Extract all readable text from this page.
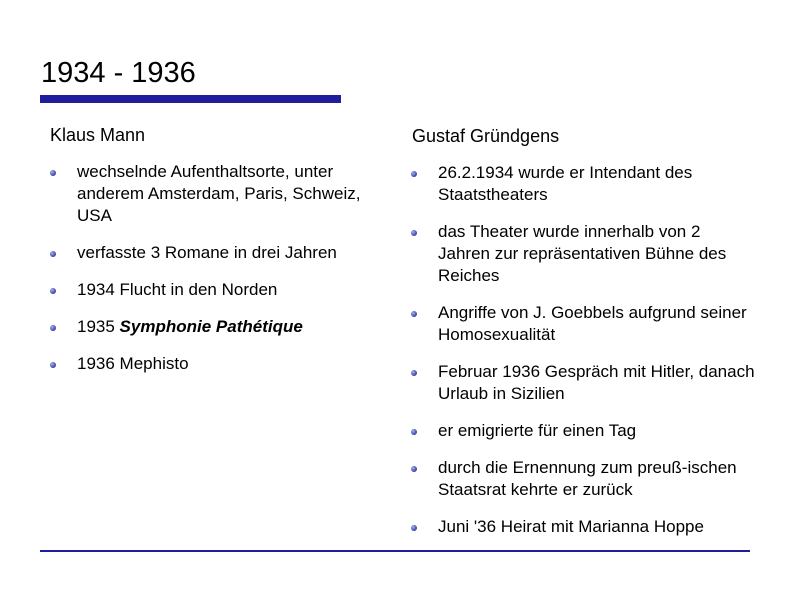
1934 - 1936
Klaus Mann
wechselnde Aufenthaltsorte, unter anderem Amsterdam, Paris, Schweiz, USA
verfasste 3 Romane in drei Jahren
1934 Flucht in den Norden
1935 Symphonie Pathétique
1936 Mephisto
Gustaf Gründgens
26.2.1934 wurde er Intendant des Staatstheaters
das Theater wurde innerhalb von 2 Jahren zur repräsentativen Bühne des Reiches
Angriffe von J. Goebbels aufgrund seiner Homosexualität
Februar 1936 Gespräch mit Hitler, danach Urlaub in Sizilien
er emigrierte für einen Tag
durch die Ernennung zum preuß-ischen Staatsrat kehrte er zurück
Juni '36 Heirat mit Marianna Hoppe
